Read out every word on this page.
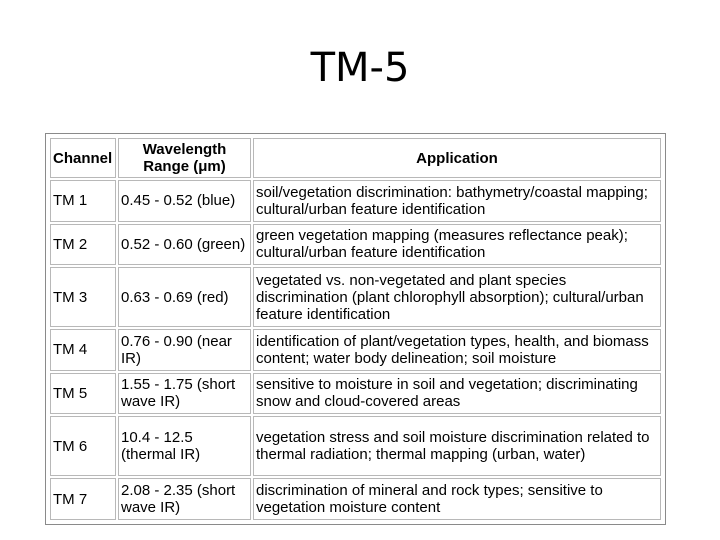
TM-5
Channel	Wavelength Range (μm)	Application
TM 1	0.45 - 0.52 (blue)	soil/vegetation discrimination: bathymetry/coastal mapping; cultural/urban feature identification
TM 2	0.52 - 0.60 (green)	green vegetation mapping (measures reflectance peak); cultural/urban feature identification
TM 3	0.63 - 0.69 (red)	vegetated vs. non-vegetated and plant species discrimination (plant chlorophyll absorption); cultural/urban feature identification
TM 4	0.76 - 0.90 (near IR)	identification of plant/vegetation types, health, and biomass content; water body delineation; soil moisture
TM 5	1.55 - 1.75 (short wave IR)	sensitive to moisture in soil and vegetation; discriminating snow and cloud-covered areas
TM 6	10.4 - 12.5 (thermal IR)	vegetation stress and soil moisture discrimination related to thermal radiation; thermal mapping (urban, water)
TM 7	2.08 - 2.35 (short wave IR)	discrimination of mineral and rock types; sensitive to vegetation moisture content
